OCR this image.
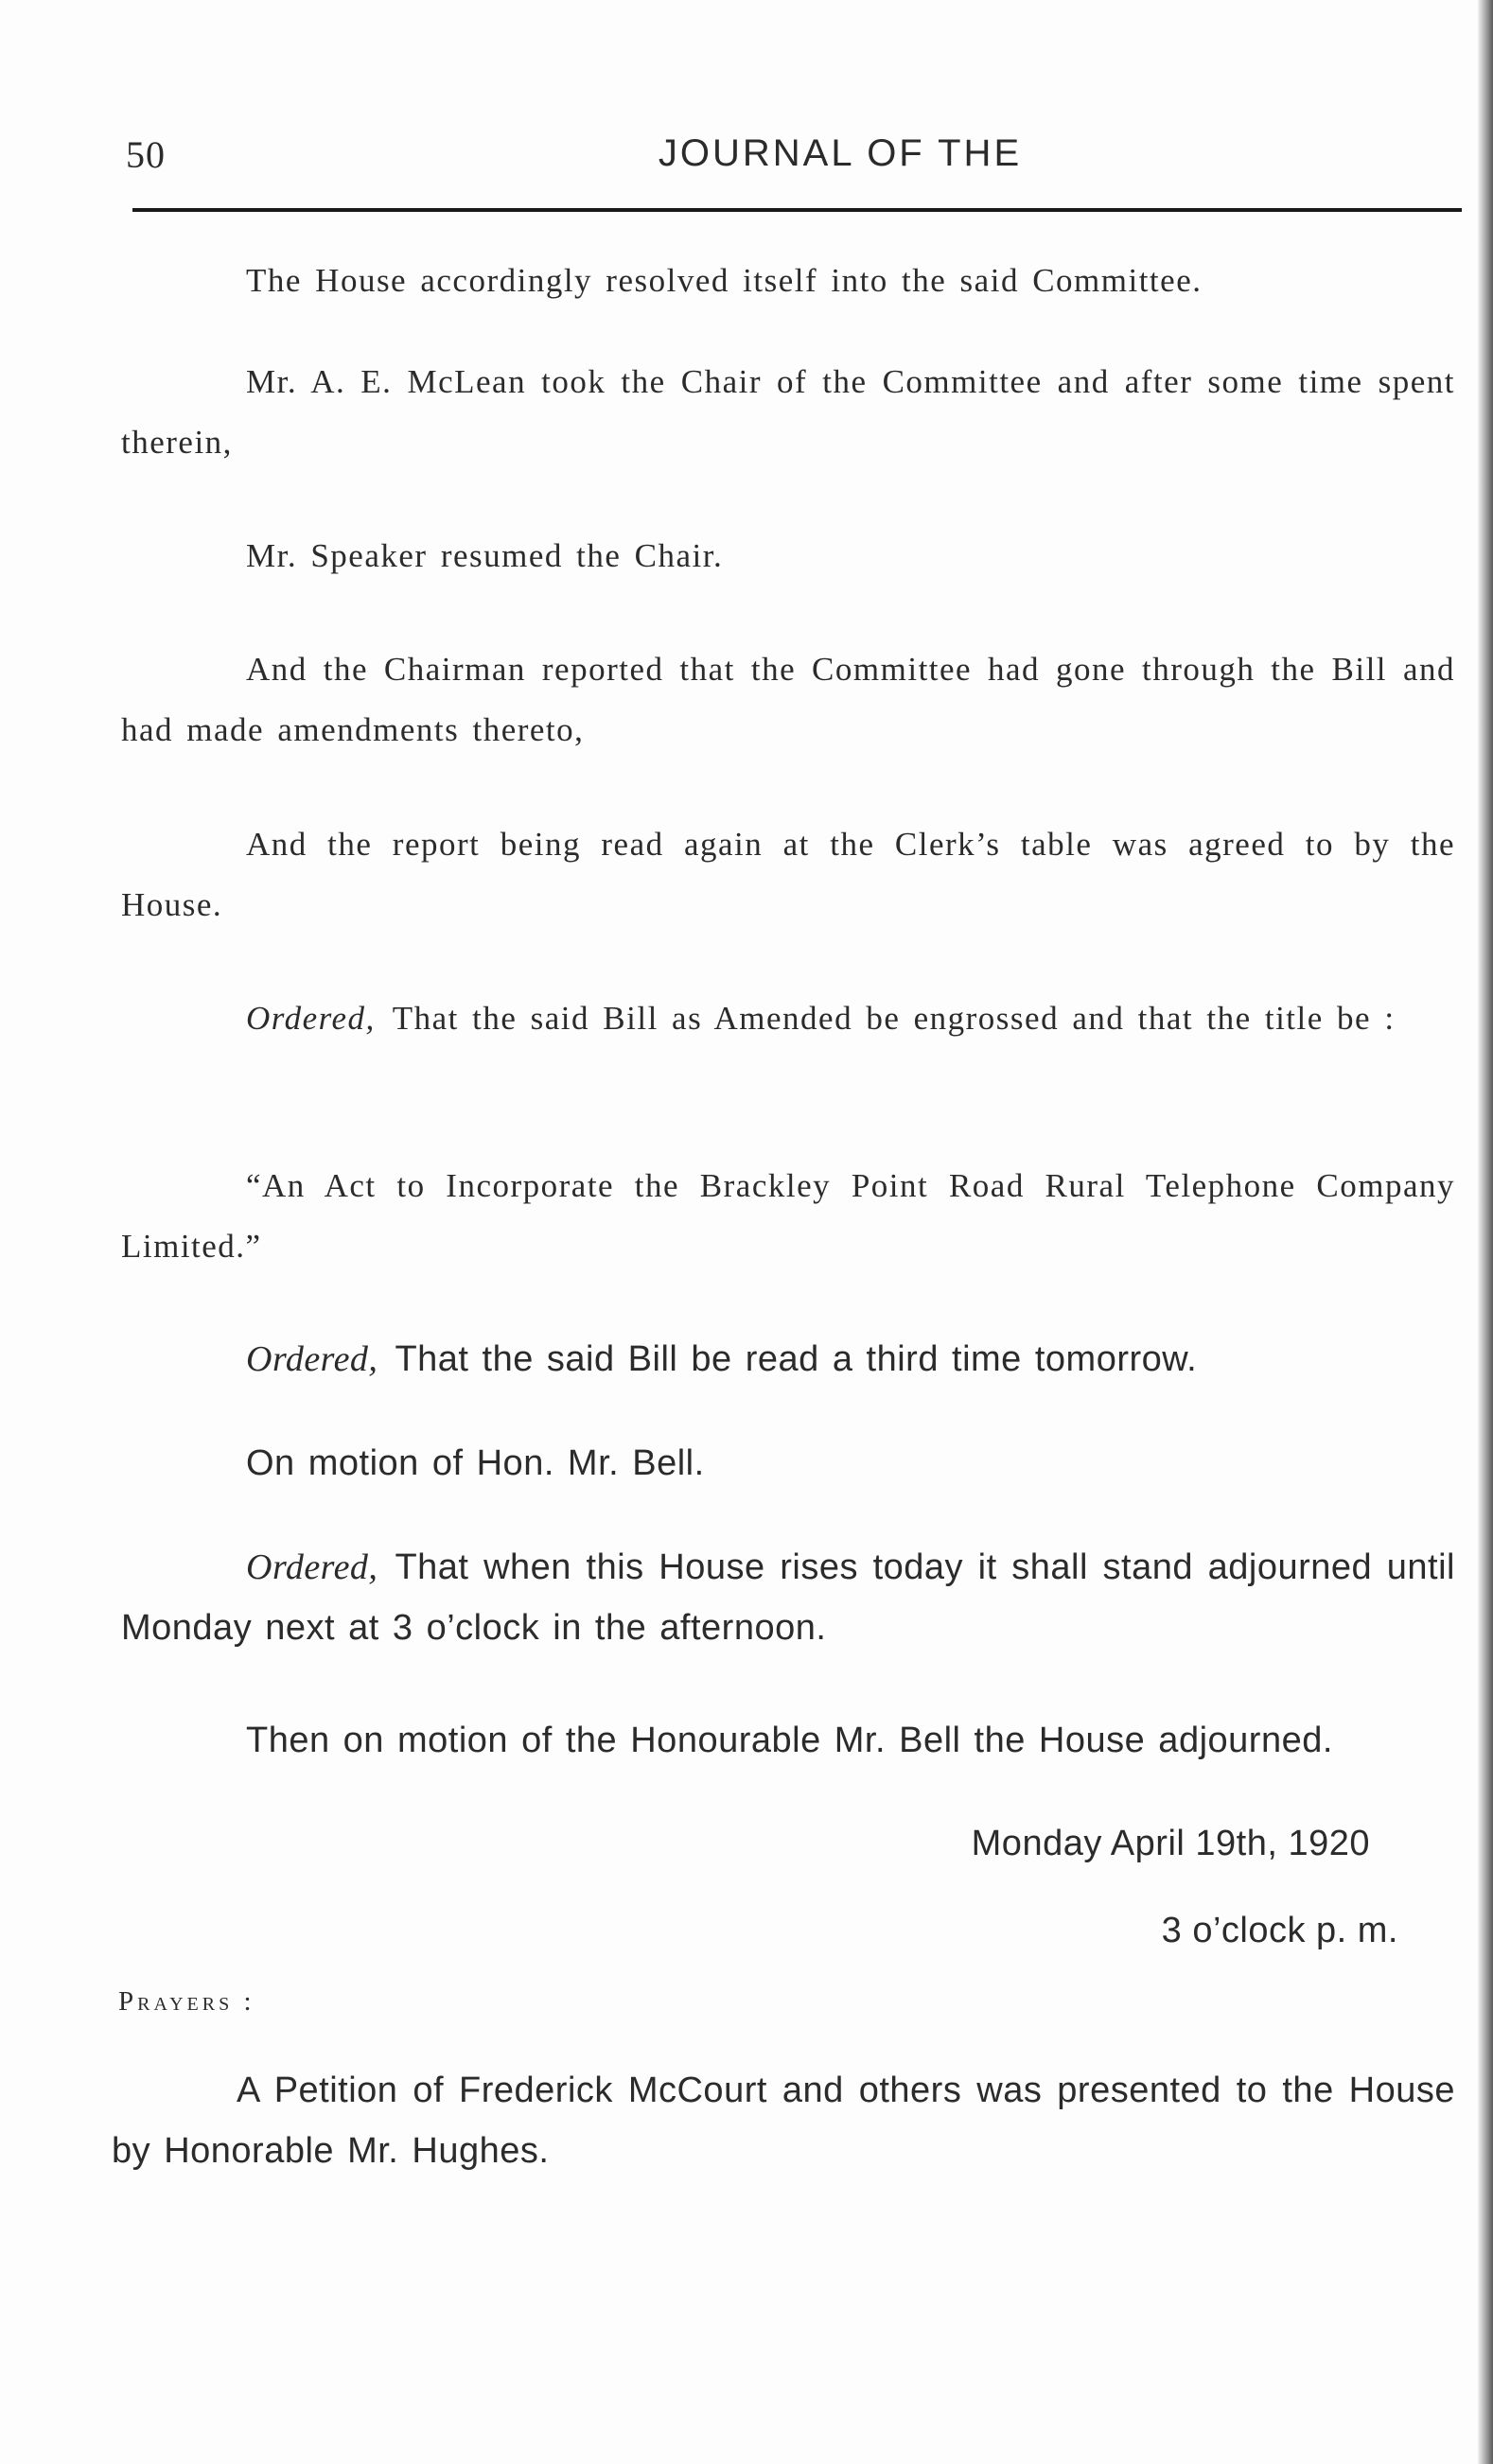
50	JOURNAL OF THE
The House accordingly resolved itself into the said Committee.
Mr. A. E. McLean took the Chair of the Committee and after some time spent therein,
Mr. Speaker resumed the Chair.
And the Chairman reported that the Committee had gone through the Bill and had made amendments thereto,
And the report being read again at the Clerk’s table was agreed to by the House.
Ordered, That the said Bill as Amended be engrossed and that the title be :
“An Act to Incorporate the Brackley Point Road Rural Telephone Company Limited.”
Ordered, That the said Bill be read a third time tomorrow.
On motion of Hon. Mr. Bell.
Ordered, That when this House rises today it shall stand adjourned until Monday next at 3 o’clock in the afternoon.
Then on motion of the Honourable Mr. Bell the House adjourned.
Monday April 19th, 1920
3 o’clock p. m.
Prayers :
A Petition of Frederick McCourt and others was presented to the House by Honorable Mr. Hughes.
